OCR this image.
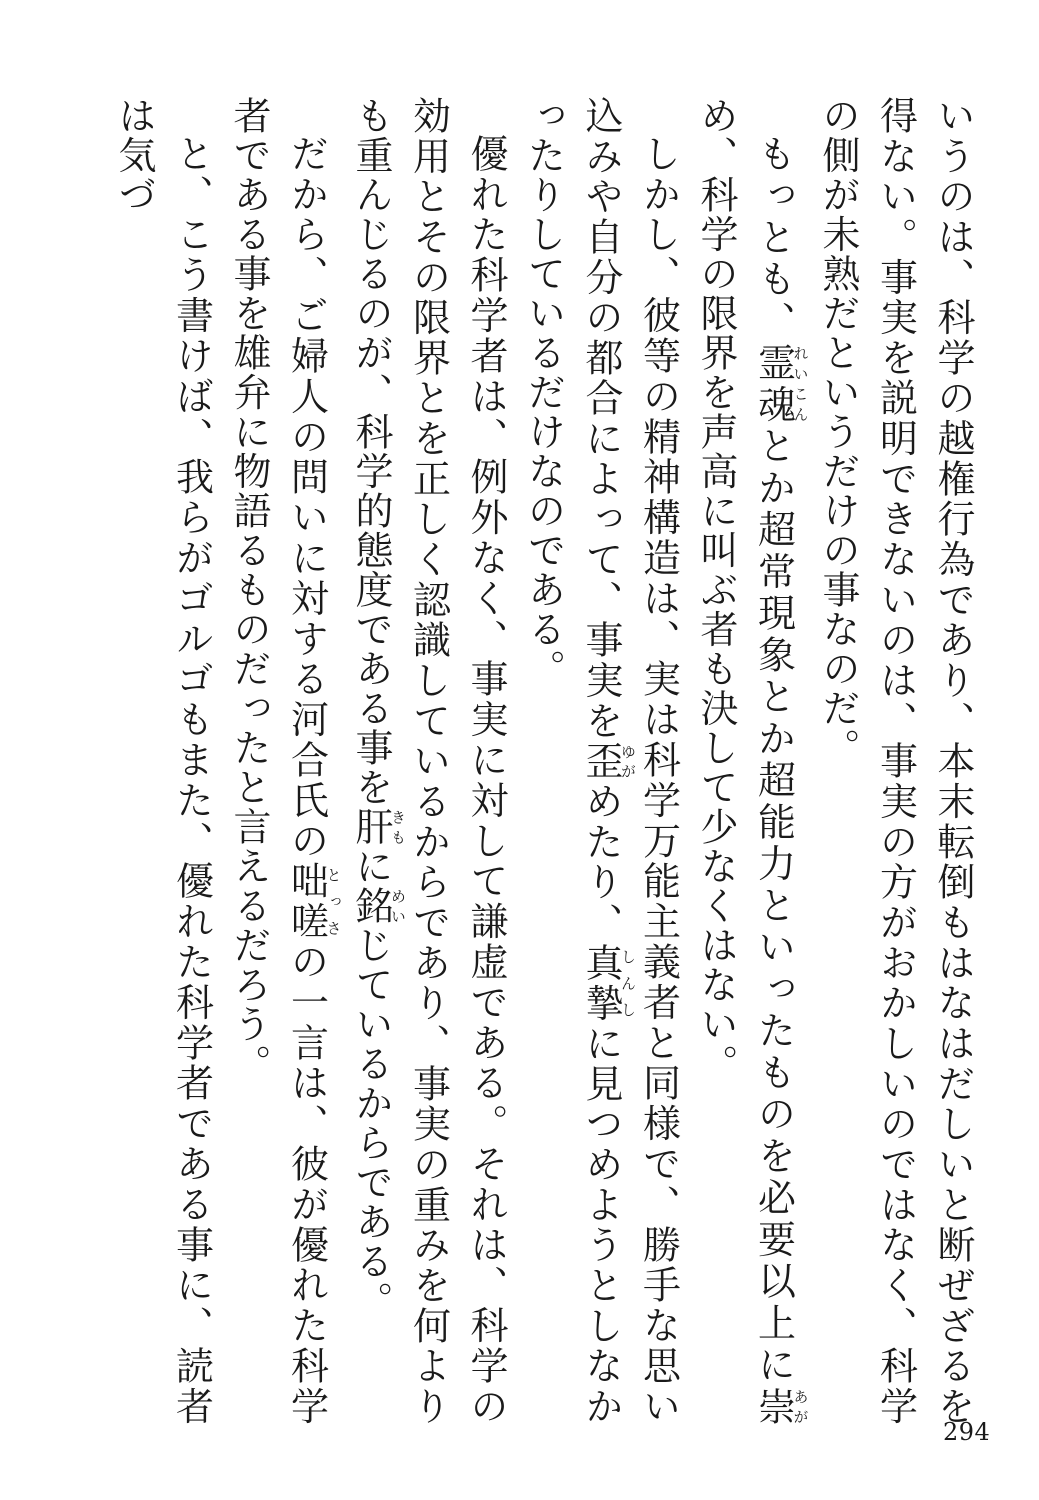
いうのは、科学の越権行為であり、本末転倒もはなはだしいと断ぜざるを得ない。事実を説明できないのは、事実の方がおかしいのではなく、科学の側が未熟だというだけの事なのだ。

もっとも、霊魂れいこんとか超常現象とか超能力といったものを必要以上に崇あがめ、科学の限界を声高に叫ぶ者も決して少なくはない。

しかし、彼等の精神構造は、実は科学万能主義者と同様で、勝手な思い込みや自分の都合によって、事実を歪ゆがめたり、真摯しんしに見つめようとしなかったりしているだけなのである。

優れた科学者は、例外なく、事実に対して謙虚である。それは、科学の効用とその限界とを正しく認識しているからであり、事実の重みを何よりも重んじるのが、科学的態度である事を肝きもに銘めいじているからである。

だから、ご婦人の問いに対する河合氏の咄嗟とっさの一言は、彼が優れた科学者である事を雄弁に物語るものだったと言えるだろう。

と、こう書けば、我らがゴルゴもまた、優れた科学者である事に、読者は気づ

294
